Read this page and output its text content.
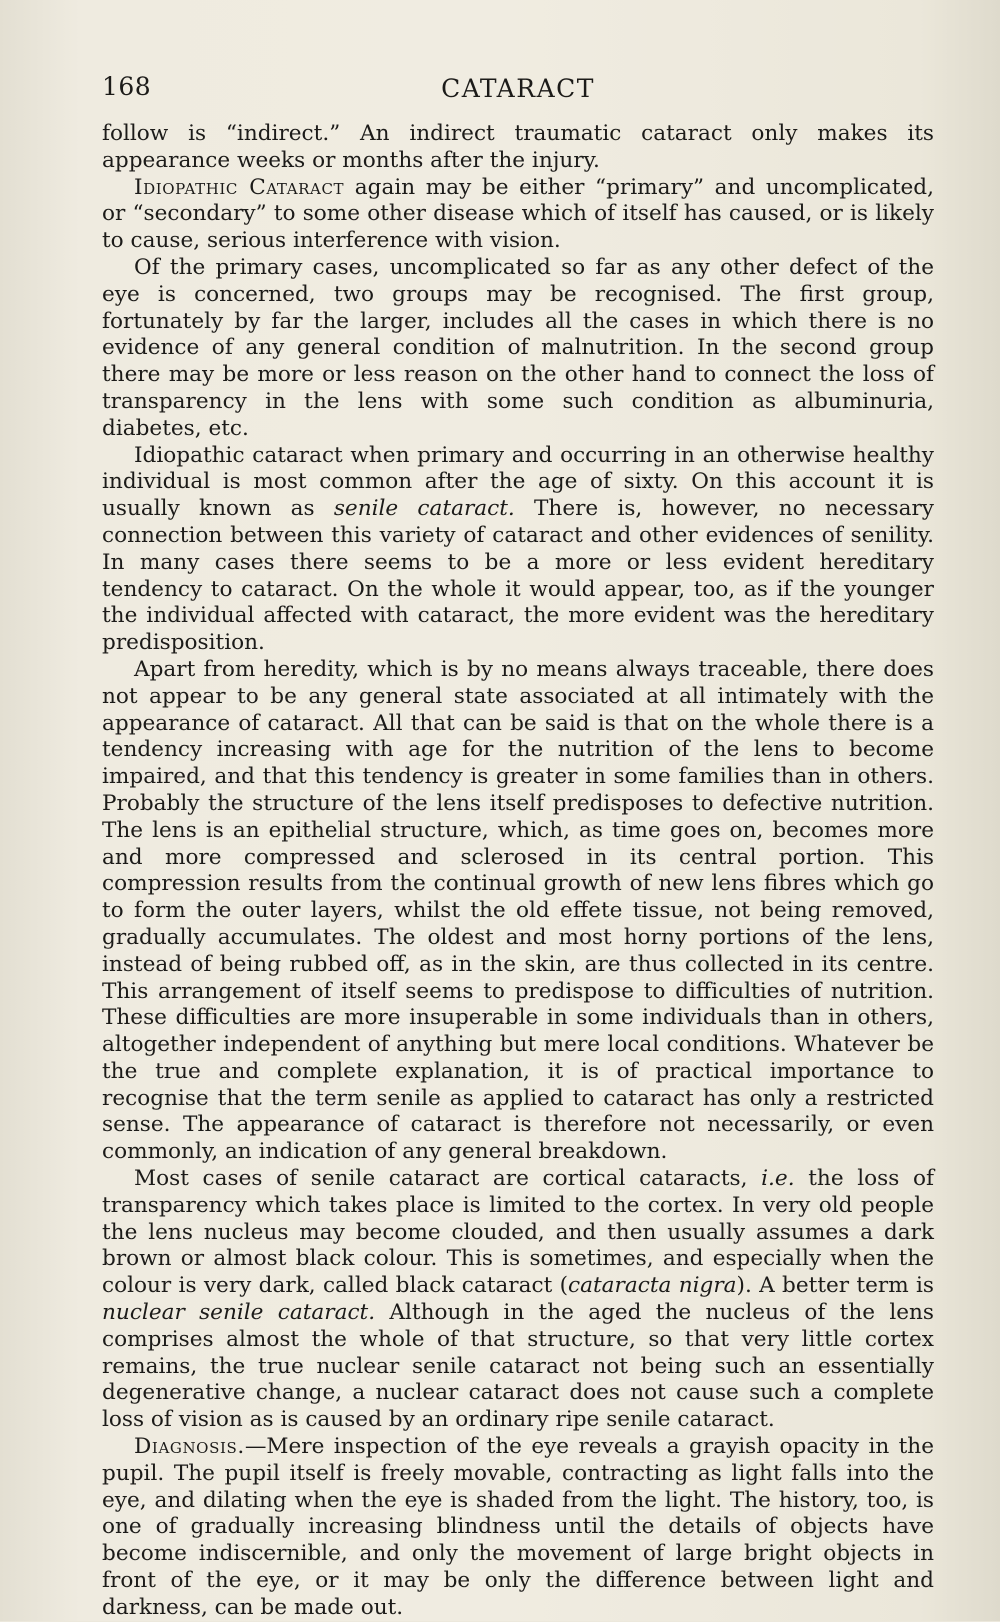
168	CATARACT

follow is “indirect.” An indirect traumatic cataract only makes its appearance weeks or months after the injury.

Idiopathic Cataract again may be either “primary” and uncomplicated, or “secondary” to some other disease which of itself has caused, or is likely to cause, serious interference with vision.

Of the primary cases, uncomplicated so far as any other defect of the eye is concerned, two groups may be recognised. The first group, fortunately by far the larger, includes all the cases in which there is no evidence of any general condition of malnutrition. In the second group there may be more or less reason on the other hand to connect the loss of transparency in the lens with some such condition as albuminuria, diabetes, etc.

Idiopathic cataract when primary and occurring in an otherwise healthy individual is most common after the age of sixty. On this account it is usually known as senile cataract. There is, however, no necessary connection between this variety of cataract and other evidences of senility. In many cases there seems to be a more or less evident hereditary tendency to cataract. On the whole it would appear, too, as if the younger the individual affected with cataract, the more evident was the hereditary predisposition.

Apart from heredity, which is by no means always traceable, there does not appear to be any general state associated at all intimately with the appearance of cataract. All that can be said is that on the whole there is a tendency increasing with age for the nutrition of the lens to become impaired, and that this tendency is greater in some families than in others. Probably the structure of the lens itself predisposes to defective nutrition. The lens is an epithelial structure, which, as time goes on, becomes more and more compressed and sclerosed in its central portion. This compression results from the continual growth of new lens fibres which go to form the outer layers, whilst the old effete tissue, not being removed, gradually accumulates. The oldest and most horny portions of the lens, instead of being rubbed off, as in the skin, are thus collected in its centre. This arrangement of itself seems to predispose to difficulties of nutrition. These difficulties are more insuperable in some individuals than in others, altogether independent of anything but mere local conditions. Whatever be the true and complete explanation, it is of practical importance to recognise that the term senile as applied to cataract has only a restricted sense. The appearance of cataract is therefore not necessarily, or even commonly, an indication of any general breakdown.

Most cases of senile cataract are cortical cataracts, i.e. the loss of transparency which takes place is limited to the cortex. In very old people the lens nucleus may become clouded, and then usually assumes a dark brown or almost black colour. This is sometimes, and especially when the colour is very dark, called black cataract (cataracta nigra). A better term is nuclear senile cataract. Although in the aged the nucleus of the lens comprises almost the whole of that structure, so that very little cortex remains, the true nuclear senile cataract not being such an essentially degenerative change, a nuclear cataract does not cause such a complete loss of vision as is caused by an ordinary ripe senile cataract.

Diagnosis.—Mere inspection of the eye reveals a grayish opacity in the pupil. The pupil itself is freely movable, contracting as light falls into the eye, and dilating when the eye is shaded from the light. The history, too, is one of gradually increasing blindness until the details of objects have become indiscernible, and only the movement of large bright objects in front of the eye, or it may be only the difference between light and darkness, can be made out.
